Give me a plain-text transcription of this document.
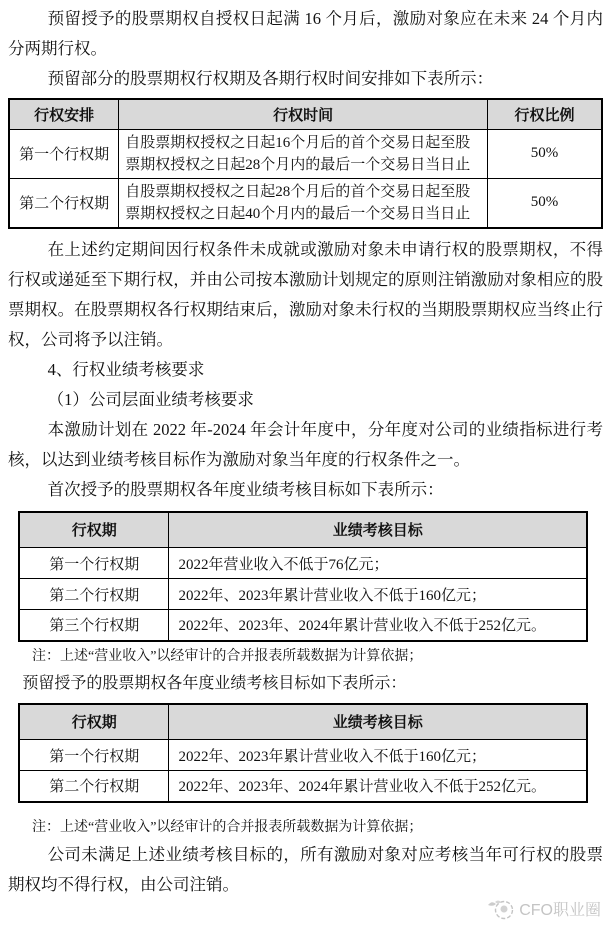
预留授予的股票期权自授权日起满 16 个月后，激励对象应在未来 24 个月内分两期行权。

预留部分的股票期权行权期及各期行权时间安排如下表所示：

行权安排	行权时间	行权比例
第一个行权期	自股票期权授权之日起16个月后的首个交易日起至股票期权授权之日起28个月内的最后一个交易日当日止	50%
第二个行权期	自股票期权授权之日起28个月后的首个交易日起至股票期权授权之日起40个月内的最后一个交易日当日止	50%

在上述约定期间因行权条件未成就或激励对象未申请行权的股票期权，不得行权或递延至下期行权，并由公司按本激励计划规定的原则注销激励对象相应的股票期权。在股票期权各行权期结束后，激励对象未行权的当期股票期权应当终止行权，公司将予以注销。

4、行权业绩考核要求

（1）公司层面业绩考核要求

本激励计划在 2022 年-2024 年会计年度中，分年度对公司的业绩指标进行考核，以达到业绩考核目标作为激励对象当年度的行权条件之一。

首次授予的股票期权各年度业绩考核目标如下表所示：

行权期	业绩考核目标
第一个行权期	2022年营业收入不低于76亿元；
第二个行权期	2022年、2023年累计营业收入不低于160亿元；
第三个行权期	2022年、2023年、2024年累计营业收入不低于252亿元。

注：上述“营业收入”以经审计的合并报表所载数据为计算依据；

预留授予的股票期权各年度业绩考核目标如下表所示：

行权期	业绩考核目标
第一个行权期	2022年、2023年累计营业收入不低于160亿元；
第二个行权期	2022年、2023年、2024年累计营业收入不低于252亿元。

注：上述“营业收入”以经审计的合并报表所载数据为计算依据；

公司未满足上述业绩考核目标的，所有激励对象对应考核当年可行权的股票期权均不得行权，由公司注销。

CFO职业圈
